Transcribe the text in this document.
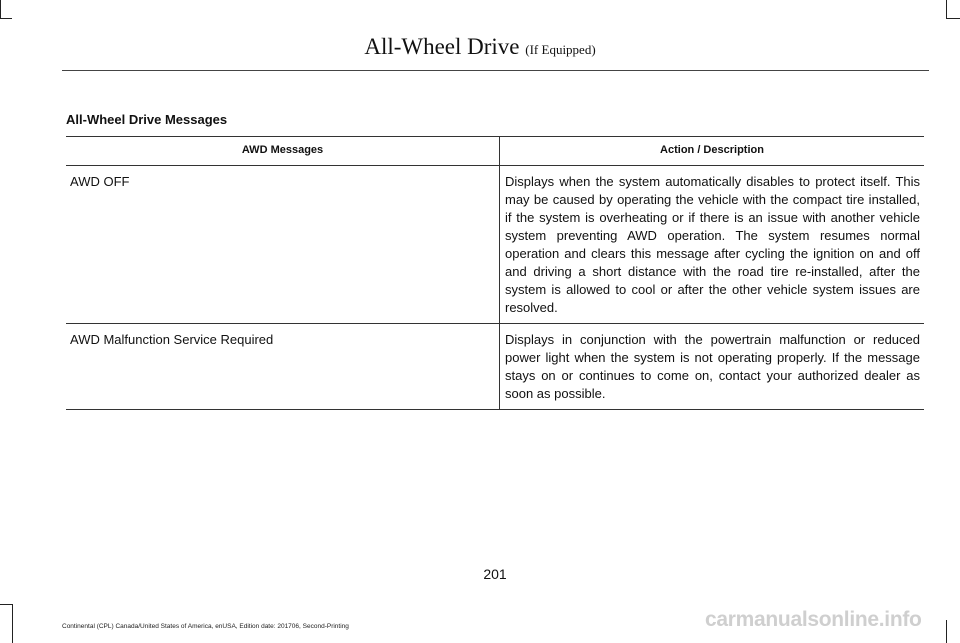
All-Wheel Drive (If Equipped)
All-Wheel Drive Messages
AWD Messages	Action / Description
AWD OFF	Displays when the system automatically disables to protect itself. This may be caused by operating the vehicle with the compact tire installed, if the system is overheating or if there is an issue with another vehicle system preventing AWD operation. The system resumes normal operation and clears this message after cycling the ignition on and off and driving a short distance with the road tire re-installed, after the system is allowed to cool or after the other vehicle system issues are resolved.
AWD Malfunction Service Required	Displays in conjunction with the powertrain malfunction or reduced power light when the system is not operating properly. If the message stays on or continues to come on, contact your authorized dealer as soon as possible.
201
Continental (CPL) Canada/United States of America, enUSA, Edition date: 201706, Second-Printing	carmanualsonline.info
